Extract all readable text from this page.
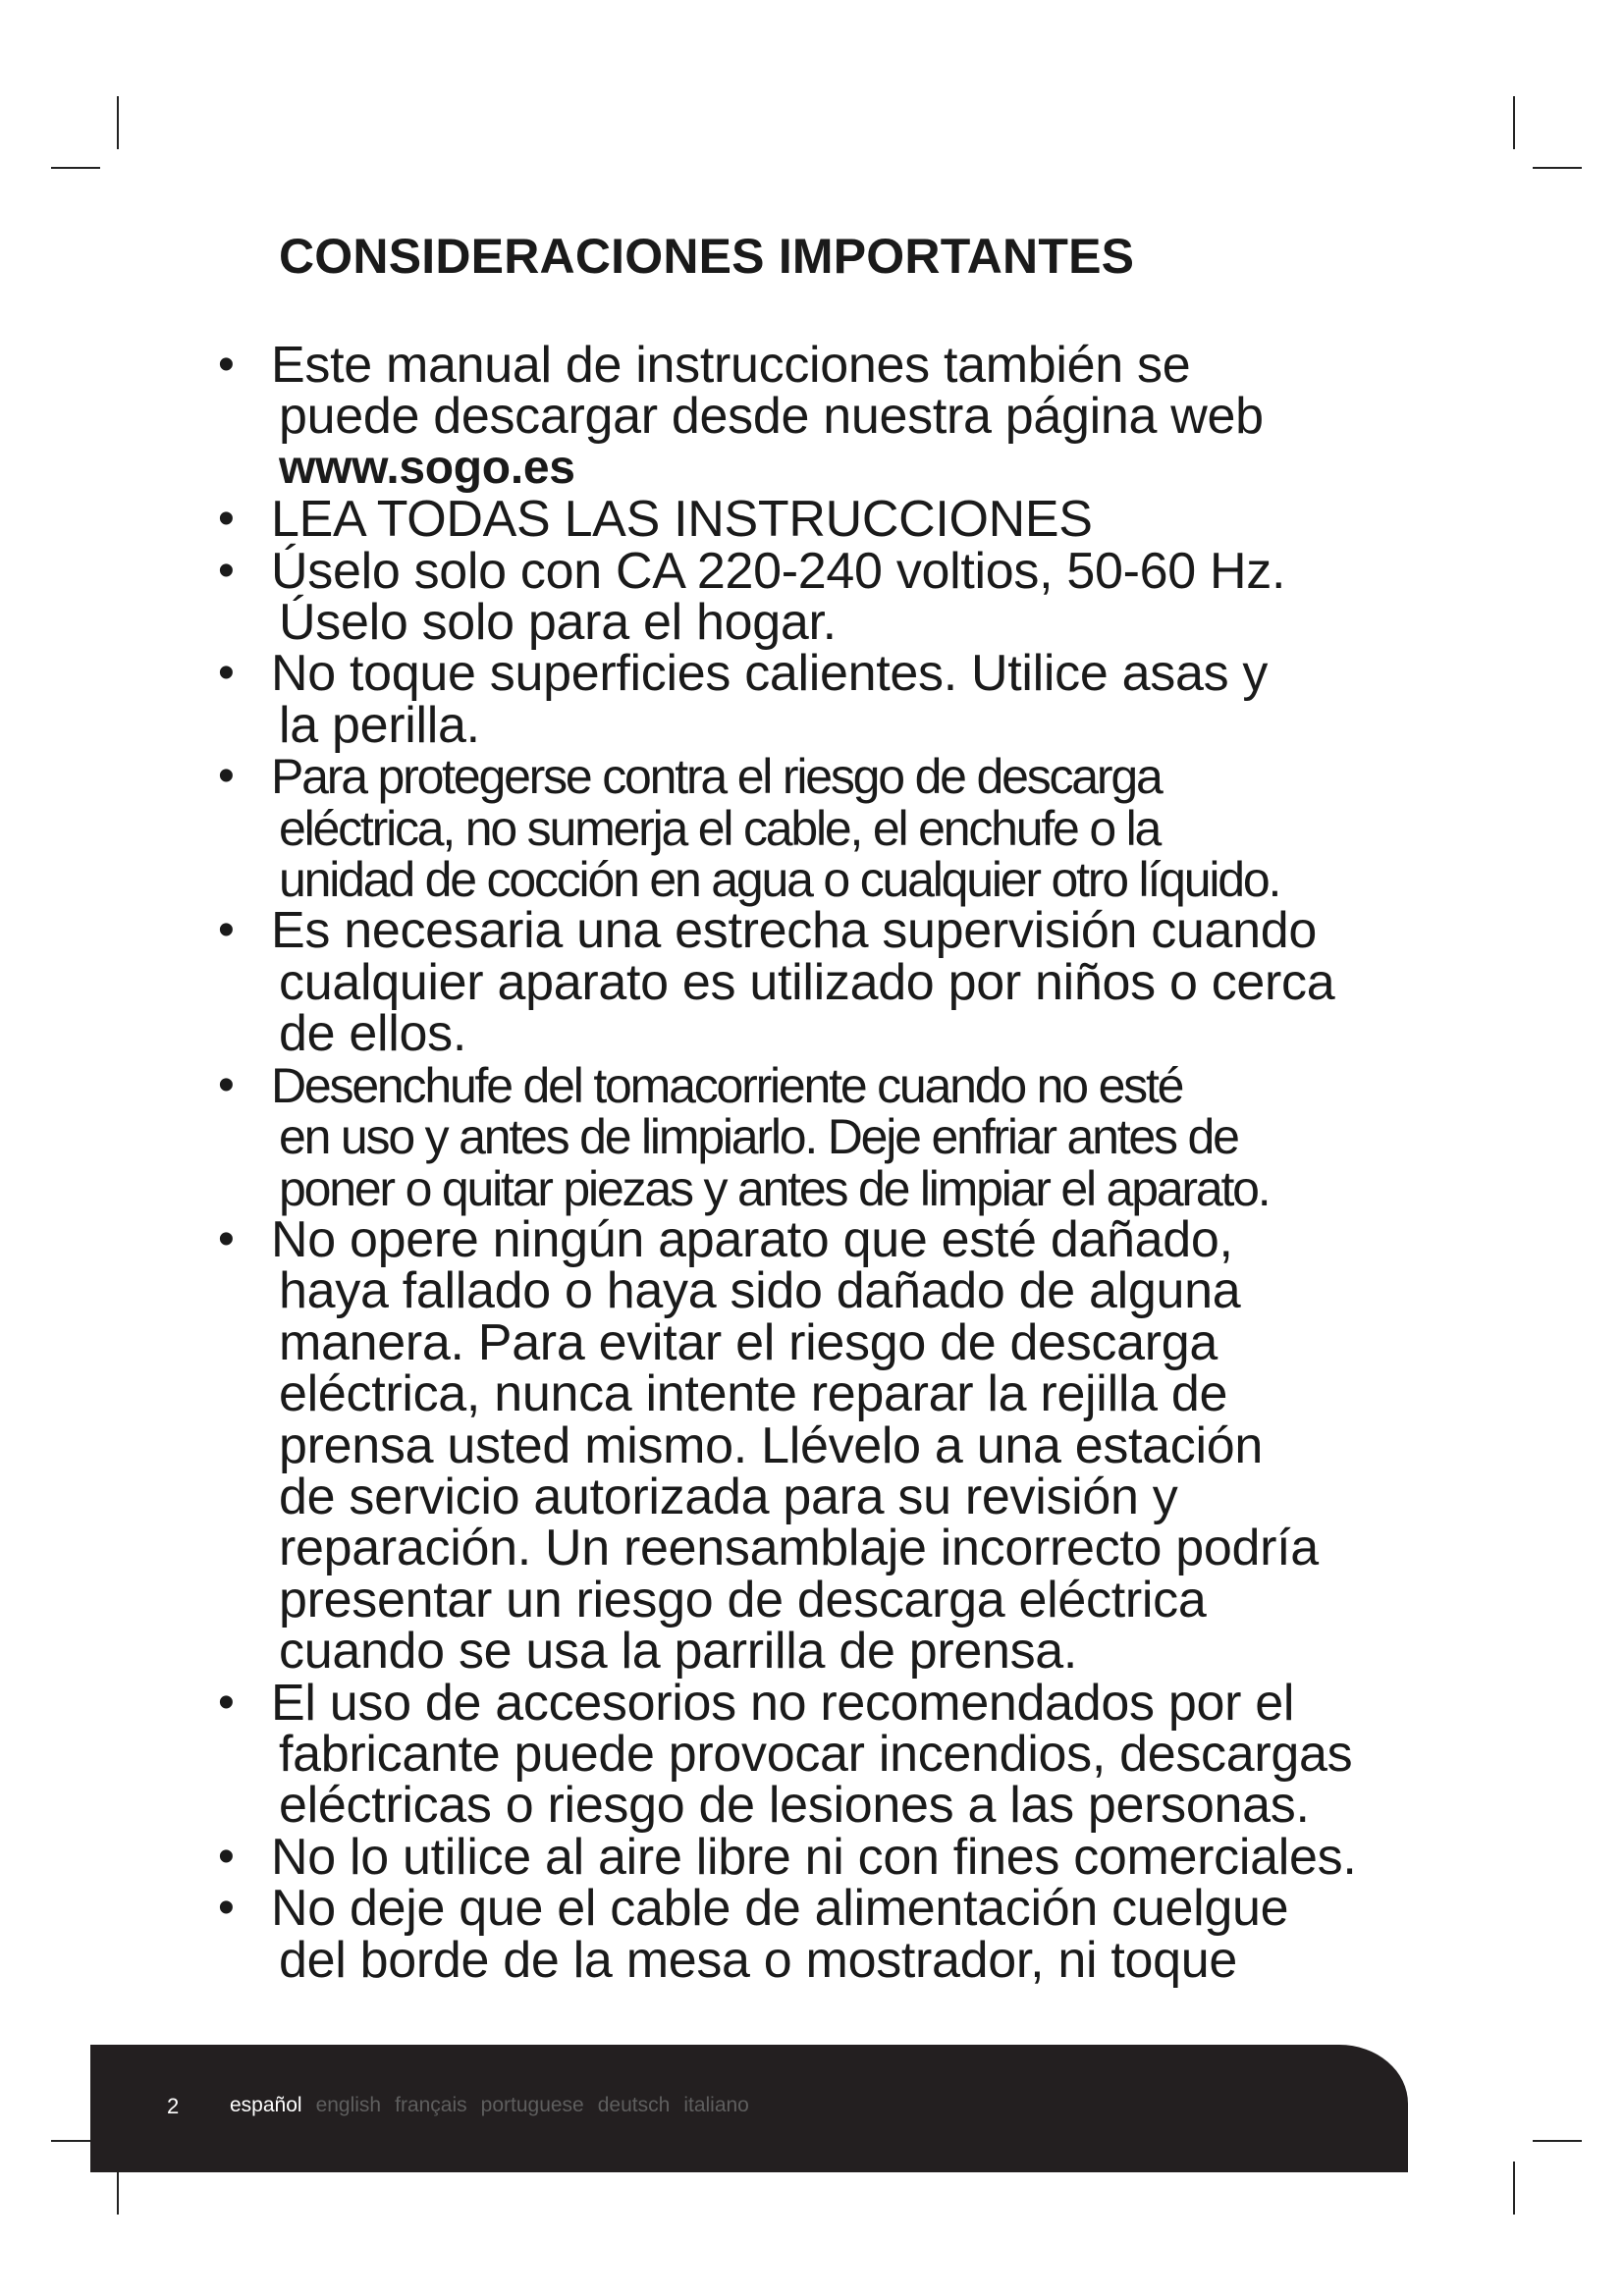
CONSIDERACIONES IMPORTANTES
• Este manual de instrucciones también se
puede descargar desde nuestra página web
www.sogo.es
• LEA TODAS LAS INSTRUCCIONES
• Úselo solo con CA 220-240 voltios, 50-60 Hz.
Úselo solo para el hogar.
• No toque superficies calientes. Utilice asas y
la perilla.
• Para protegerse contra el riesgo de descarga
eléctrica, no sumerja el cable, el enchufe o la
unidad de cocción en agua o cualquier otro líquido.
• Es necesaria una estrecha supervisión cuando
cualquier aparato es utilizado por niños o cerca
de ellos.
• Desenchufe del tomacorriente cuando no esté
en uso y antes de limpiarlo. Deje enfriar antes de
poner o quitar piezas y antes de limpiar el aparato.
• No opere ningún aparato que esté dañado,
haya fallado o haya sido dañado de alguna
manera. Para evitar el riesgo de descarga
eléctrica, nunca intente reparar la rejilla de
prensa usted mismo. Llévelo a una estación
de servicio autorizada para su revisión y
reparación. Un reensamblaje incorrecto podría
presentar un riesgo de descarga eléctrica
cuando se usa la parrilla de prensa.
• El uso de accesorios no recomendados por el
fabricante puede provocar incendios, descargas
eléctricas o riesgo de lesiones a las personas.
• No lo utilice al aire libre ni con fines comerciales.
• No deje que el cable de alimentación cuelgue
del borde de la mesa o mostrador, ni toque
2 español english français portuguese deutsch italiano
